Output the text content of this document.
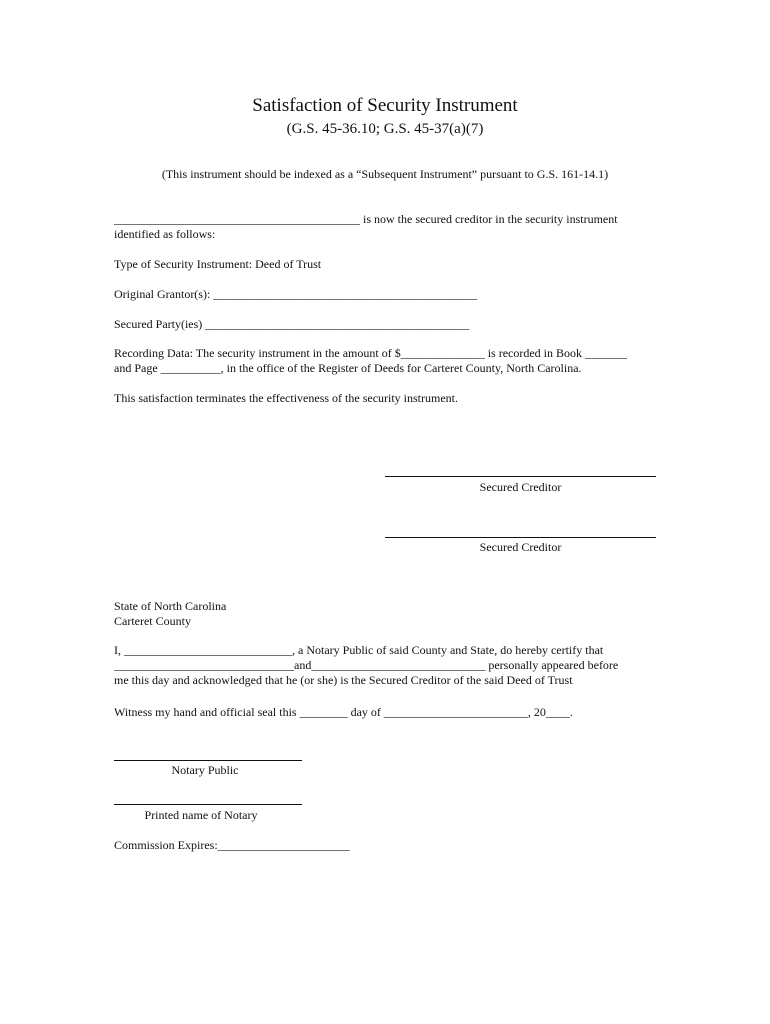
Satisfaction of Security Instrument
(G.S. 45-36.10; G.S. 45-37(a)(7)
(This instrument should be indexed as a “Subsequent Instrument” pursuant to G.S. 161-14.1)
_________________________________________ is now the secured creditor in the security instrument
identified as follows:
Type of Security Instrument: Deed of Trust
Original Grantor(s): ____________________________________________
Secured Party(ies) ____________________________________________
Recording Data: The security instrument in the amount of $______________ is recorded in Book _______
and Page __________, in the office of the Register of Deeds for Carteret County, North Carolina.
This satisfaction terminates the effectiveness of the security instrument.
Secured Creditor
Secured Creditor
State of North Carolina
Carteret County
I, ____________________________, a Notary Public of said County and State, do hereby certify that
______________________________and_____________________________ personally appeared before
me this day and acknowledged that he (or she) is the Secured Creditor of the said Deed of Trust
Witness my hand and official seal this ________ day of ________________________, 20____.
Notary Public
Printed name of Notary
Commission Expires:______________________
